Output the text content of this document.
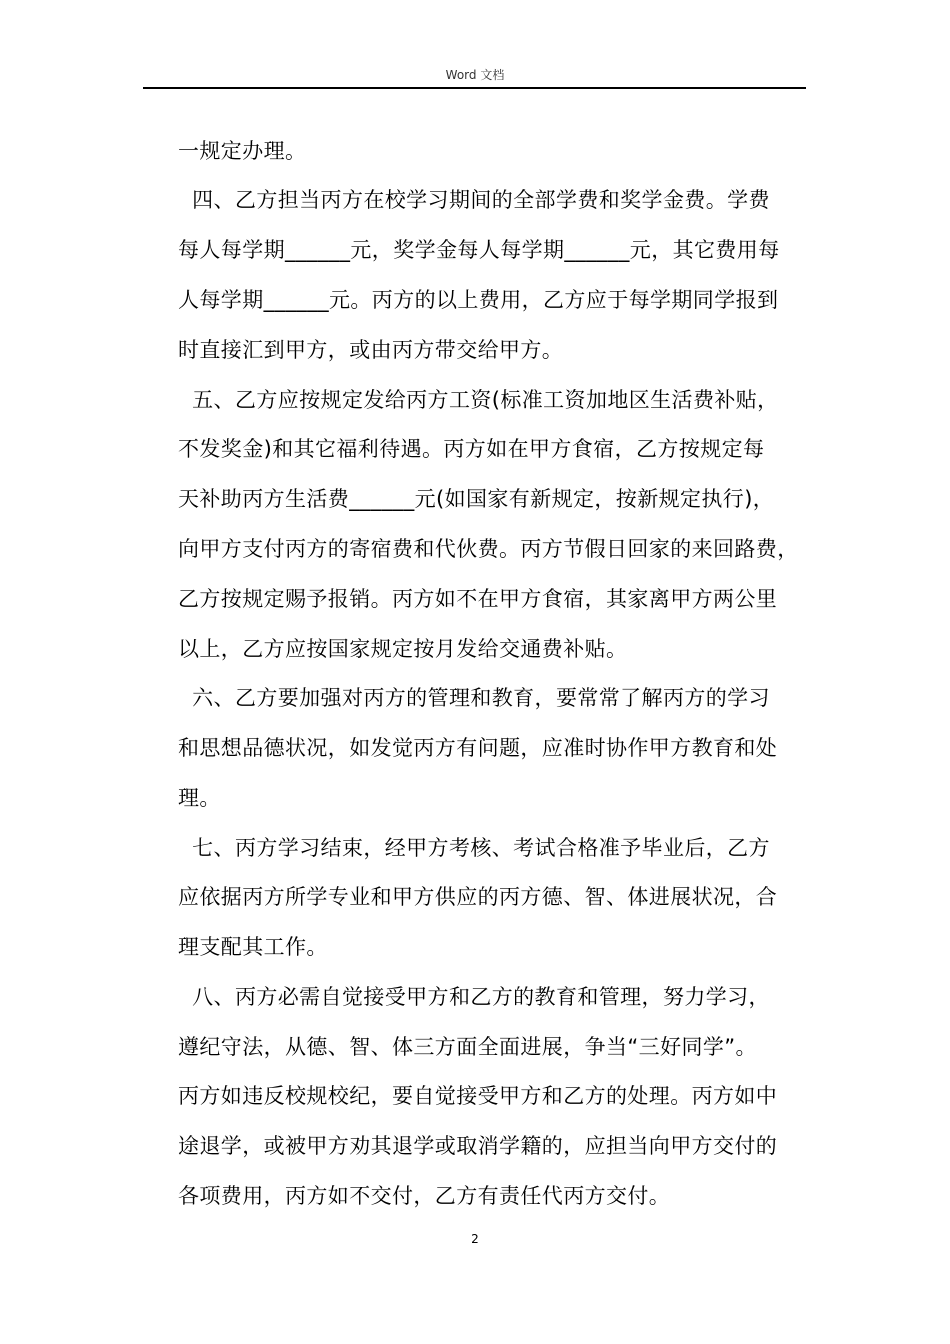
Word 文档
一规定办理。
四、乙方担当丙方在校学习期间的全部学费和奖学金费。学费
每人每学期______元，奖学金每人每学期______元，其它费用每
人每学期______元。丙方的以上费用，乙方应于每学期同学报到
时直接汇到甲方，或由丙方带交给甲方。
五、乙方应按规定发给丙方工资(标准工资加地区生活费补贴，
不发奖金)和其它福利待遇。丙方如在甲方食宿，乙方按规定每
天补助丙方生活费______元(如国家有新规定，按新规定执行)，
向甲方支付丙方的寄宿费和代伙费。丙方节假日回家的来回路费，
乙方按规定赐予报销。丙方如不在甲方食宿，其家离甲方两公里
以上，乙方应按国家规定按月发给交通费补贴。
六、乙方要加强对丙方的管理和教育，要常常了解丙方的学习
和思想品德状况，如发觉丙方有问题，应准时协作甲方教育和处
理。
七、丙方学习结束，经甲方考核、考试合格准予毕业后，乙方
应依据丙方所学专业和甲方供应的丙方德、智、体进展状况，合
理支配其工作。
八、丙方必需自觉接受甲方和乙方的教育和管理，努力学习，
遵纪守法，从德、智、体三方面全面进展，争当“三好同学”。
丙方如违反校规校纪，要自觉接受甲方和乙方的处理。丙方如中
途退学，或被甲方劝其退学或取消学籍的，应担当向甲方交付的
各项费用，丙方如不交付，乙方有责任代丙方交付。
2
